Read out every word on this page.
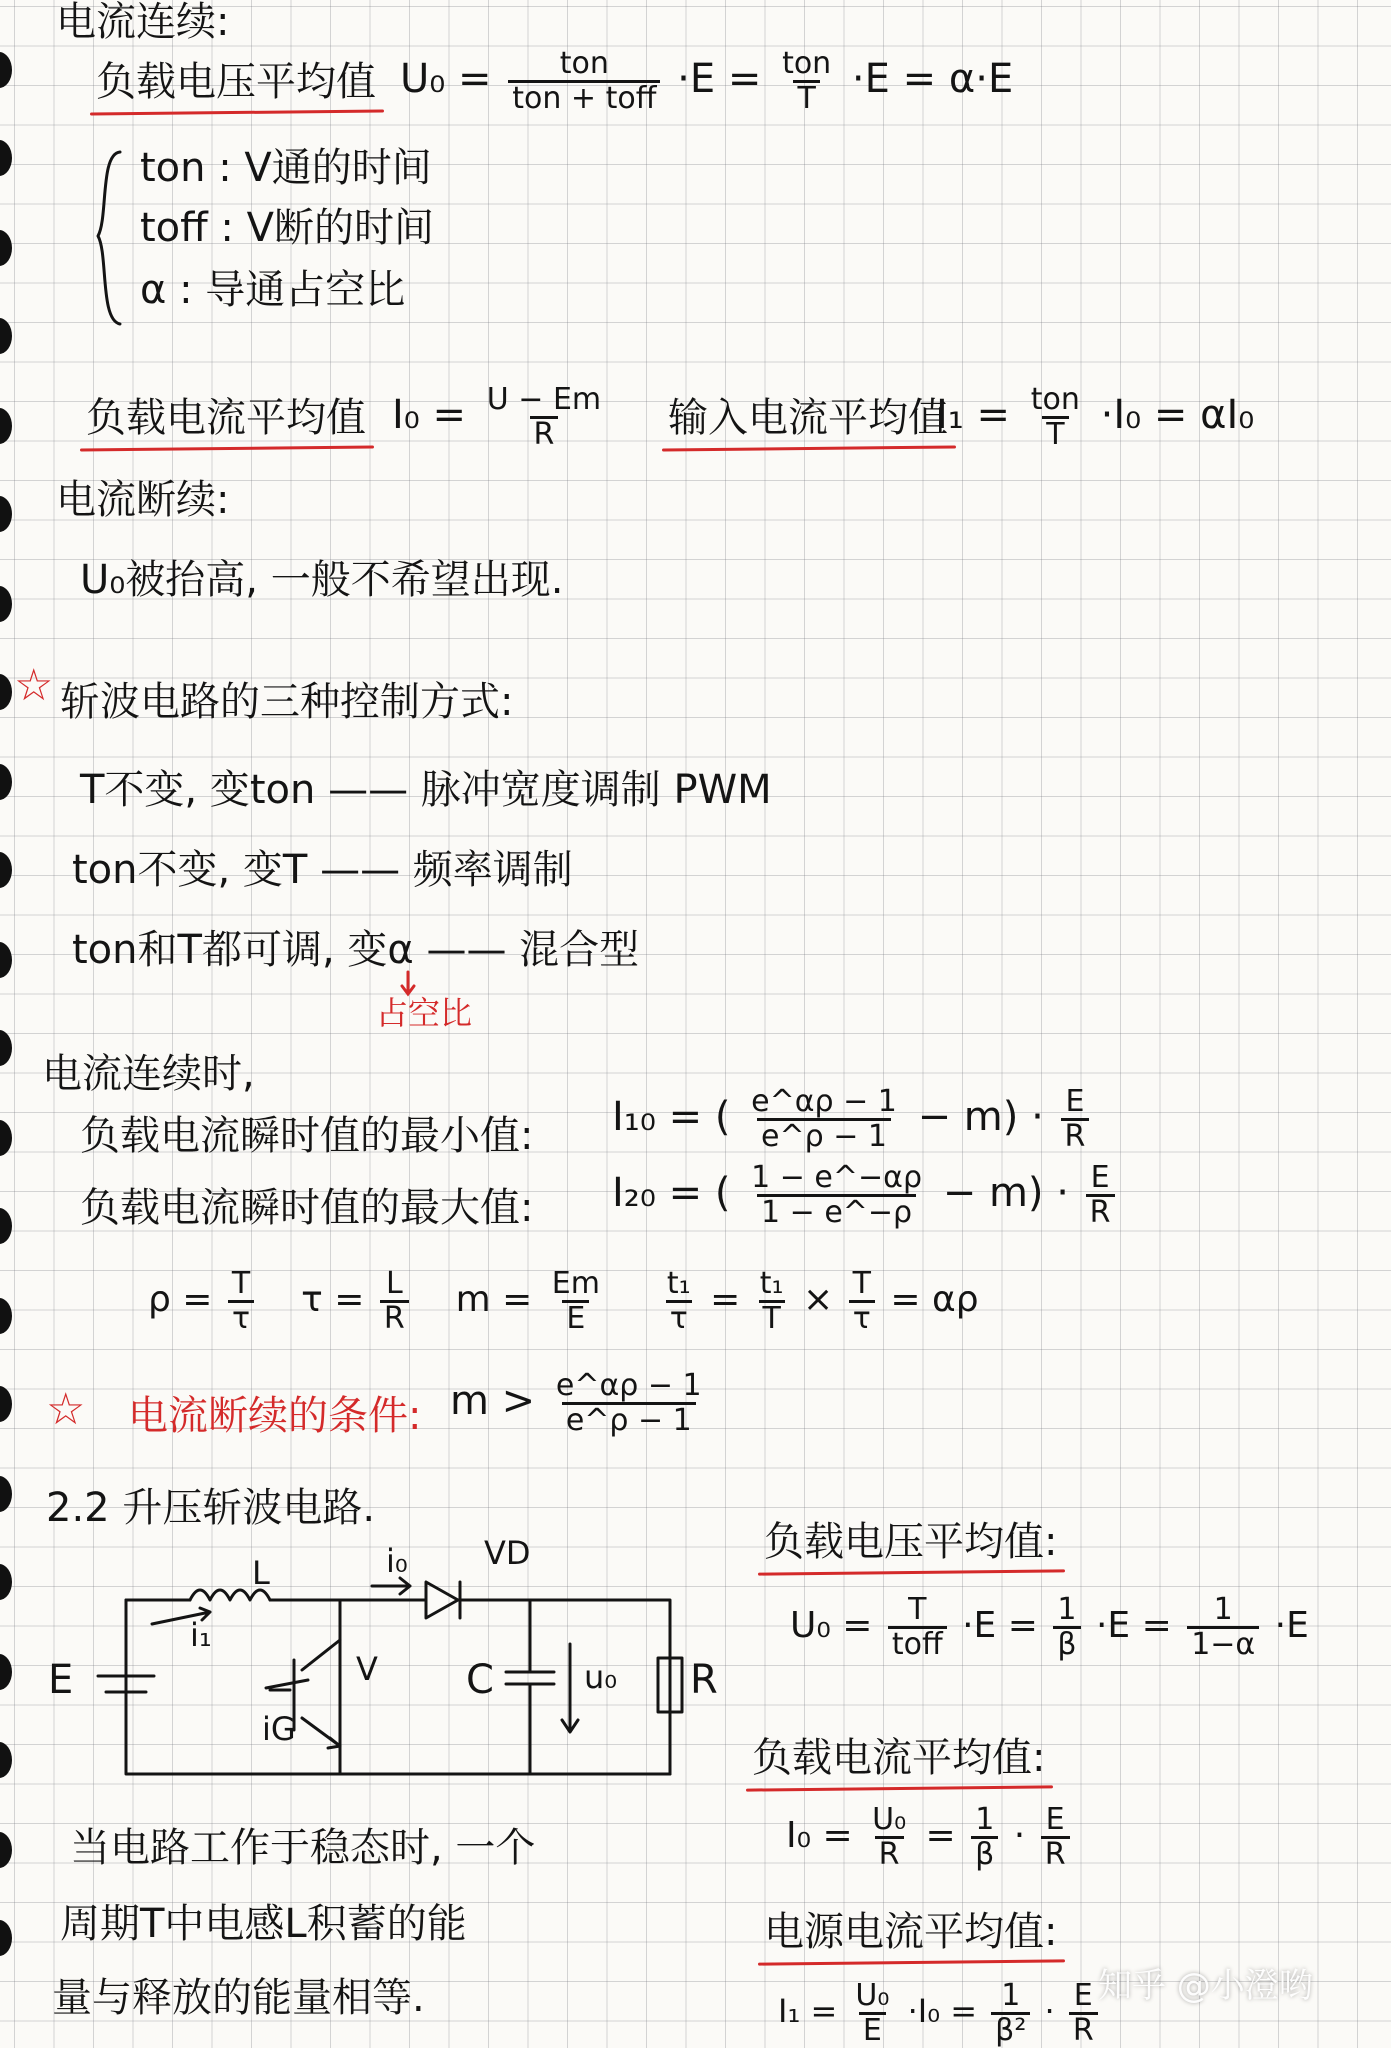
电流连续:
负载电压平均值 $U_0 = \frac{\text{ton}}{\text{ton + toff}} \cdot E = \frac{\text{ton}}{T} \cdot E = \alpha\cdot E$
ton : V通的时间
toff : V断的时间
α : 导通占空比
负载电流平均值 $I_0 = \frac{U - Em}{R}$ 输入电流平均值
$I_1 = \frac{\text{ton}}{T} \cdot I_0 = \alpha I_0$
电流断续:
U₀被抬高, 一般不希望出现.
☆ 斩波电路的三种控制方式:
T不变, 变ton —— 脉冲宽度调制 PWM
ton不变, 变T —— 频率调制
ton和T都可调, 变α —— 混合型
占空比
电流连续时,
负载电流瞬时值的最小值: I₁₀ = ( $\frac{e\^{}\alpha\rho - 1}{e\^{}\rho - 1} - m) \cdot \frac{E}{R}$
负载电流瞬时值的最大值: I₂₀ = ( $\frac{1 - e\^{}-\alpha\rho}{1 - e\^{}-\rho} - m) \cdot \frac{E}{R}$
$\rho = \frac{T}{\tau}$ $\tau = \frac{L}{R}$ $m = \frac{Em}{E}$
$\frac{\text{t₁}}{\tau} = \frac{\text{t₁}}{T} \times \frac{T}{\tau} = \alpha\rho$
☆ 电流断续的条件: $m > \frac{e\^{}\alpha\rho - 1}{e\^{}\rho - 1}$
2.2 升压斩波电路.
L
i₁
i₀ VD
E	V
iG
C	u₀ R
当电路工作于稳态时, 一个
周期T中电感L积蓄的能
量与释放的能量相等.
负载电压平均值:
$U_0 = \frac{T}{\text{toff}} \cdot E = \frac{1}{\beta} \cdot E = \frac{1}{1-\alpha} \cdot E$
负载电流平均值:
$I_0 = \frac{\text{U₀}}{R} = \frac{1}{\beta} \cdot \frac{E}{R}$
电源电流平均值:
$I_1 = \frac{\text{U₀}}{E} \cdot I_0 = \frac{1}{\text{β²}} \cdot \frac{E}{R}$ 知乎 @小澄哟
